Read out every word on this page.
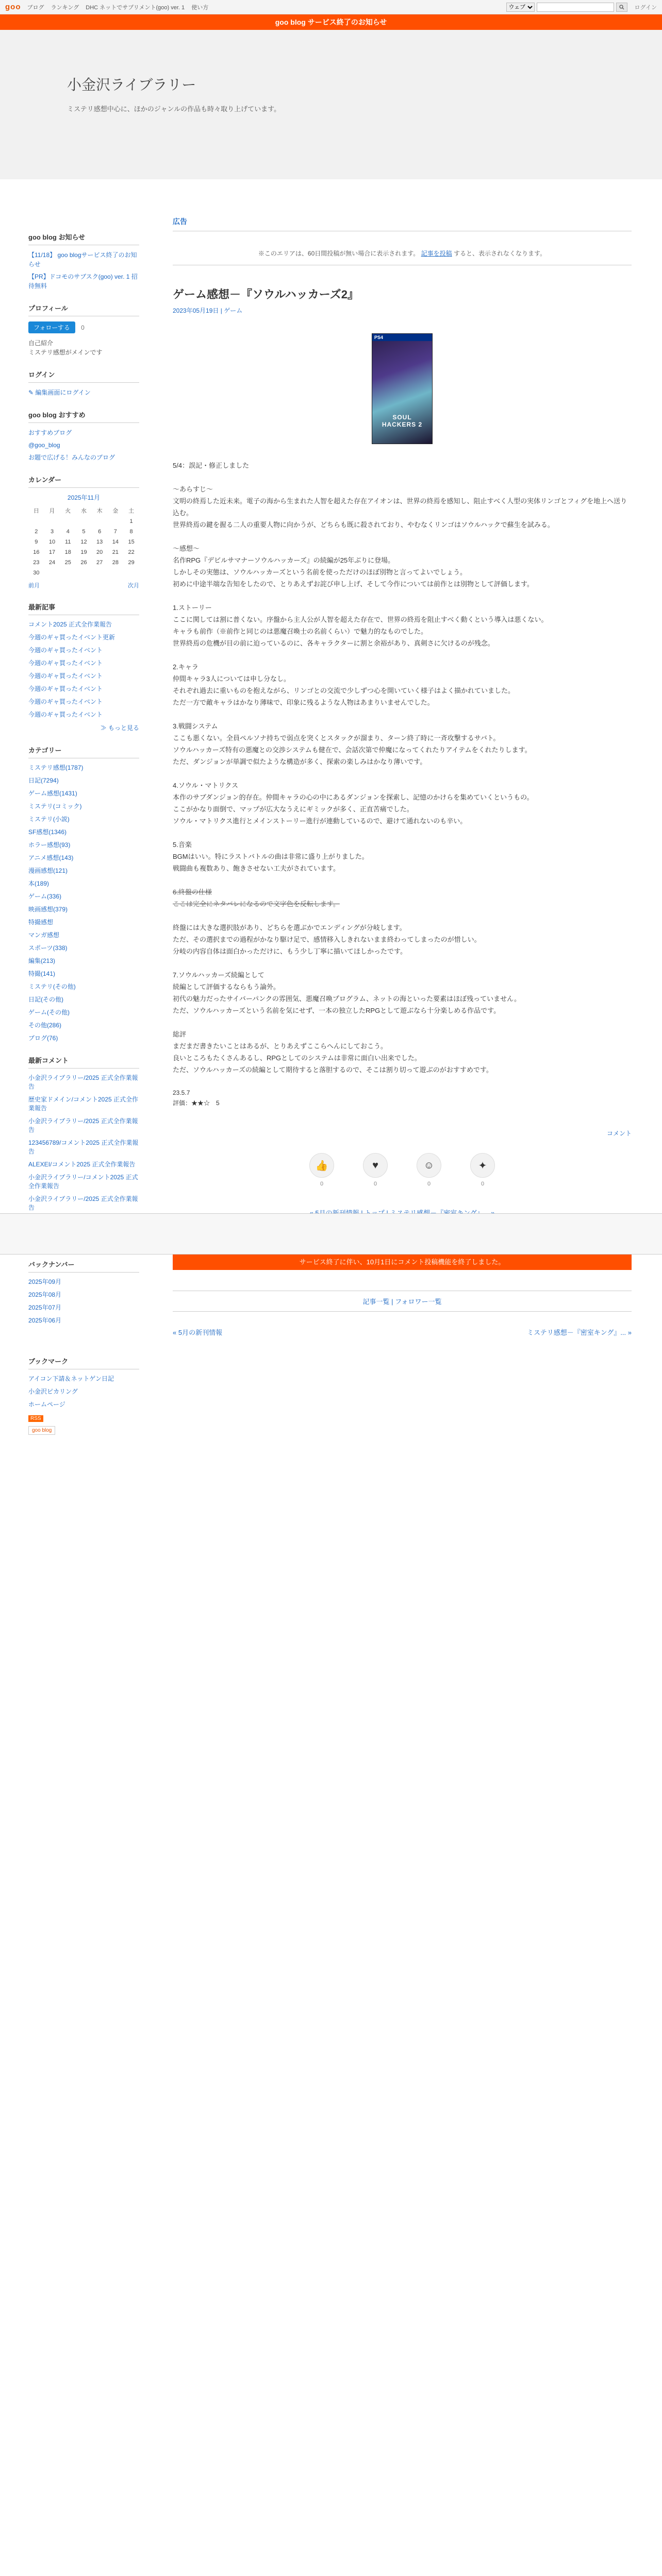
goo ブログ ランキング DHC ネットでサプリメント(goo) ver. 1 使い方
ウェブ	ログイン
goo blog サービス終了のお知らせ
小金沢ライブラリー

ミステリ感想中心に、ほかのジャンルの作品も時々取り上げています。

goo blog お知らせ
【11/18】 goo blogサービス終了のお知らせ
【PR】ドコモのサブスク(goo) ver. 1 招待無料
プロフィール
フォローする 0
自己紹介
ミステリ感想がメインです
ログイン
✎ 編集画面にログイン
goo blog おすすめ
おすすめブログ
@goo_blog
お題で広げる！みんなのブログ
カレンダー
2025年11月
日	月	火	水	木	金	土
						1
2	3	4	5	6	7	8
9	10	11	12	13	14	15
16	17	18	19	20	21	22
23	24	25	26	27	28	29
30						
前月	次月
最新記事
コメント2025 正式全作業報告
今週のギャ買ったイベント更新
今週のギャ買ったイベント
今週のギャ買ったイベント
今週のギャ買ったイベント
今週のギャ買ったイベント
今週のギャ買ったイベント
今週のギャ買ったイベント
≫ もっと見る
カテゴリー
ミステリ感想(1787)
日記(7294)
ゲーム感想(1431)
ミステリ(コミック)
ミステリ(小説)
SF感想(1346)
ホラー感想(93)
アニメ感想(143)
漫画感想(121)
本(189)
ゲーム(336)
映画感想(379)
特撮感想
マンガ感想
スポーツ(338)
編集(213)
特撮(141)
ミステリ(その他)
日記(その他)
ゲーム(その他)
その他(286)
ブログ(76)
最新コメント
小金沢ライブラリー/2025 正式全作業報告
歴史家ドメイン/コメント2025 正式全作業報告
小金沢ライブラリー/2025 正式全作業報告
123456789/コメント2025 正式全作業報告
ALEXEI/コメント2025 正式全作業報告
小金沢ライブラリー/コメント2025 正式全作業報告
小金沢ライブラリー/2025 正式全作業報告
バックナンバー
2025年09月
2025年08月
2025年07月
2025年06月
ブックマーク
アイコン下請＆ネットゲン日記
小金沢ピカリング
ホームページ
RSS
goo blog
広告
※このエリアは、60日間投稿が無い場合に表示されます。 記事を投稿 すると、表示されなくなります。
ゲーム感想－『ソウルハッカーズ2』
2023年05月19日 | ゲーム
PS4
SOUL HACKERS 2

5/4：誤記・修正しました

～あらすじ～
文明の終焉した近未来。電子の海から生まれた人智を超えた存在アイオンは、世界の終焉を感知し、阻止すべく人型の実体リンゴとフィグを地上へ送り込む。
世界終焉の鍵を握る二人の重要人物に向かうが、どちらも既に殺されており、やむなくリンゴはソウルハックで蘇生を試みる。

～感想～
名作RPG『デビルサマナーソウルハッカーズ』の続編が25年ぶりに登場。
しかしその実態は、ソウルハッカーズという名前を使っただけのほぼ別物と言ってよいでしょう。
初めに中途半端な告知をしたので、とりあえずお詫び申し上げ、そして今作については前作とは別物として評価します。

1.ストーリー
ここに関しては割に普くない。序盤から主人公が人智を超えた存在で、世界の終焉を阻止すべく動くという導入は悪くない。
キャラも前作（※前作と同じのは悪魔召喚士の名前くらい）で魅力的なものでした。
世界終焉の危機が目の前に迫っているのに、各キャラクターに割と余裕があり、真剣さに欠けるのが残念。

2.キャラ
仲間キャラ3人については申し分なし。
それぞれ過去に重いものを抱えながら、リンゴとの交流で少しずつ心を開いていく様子はよく描かれていました。
ただ一方で敵キャラはかなり薄味で、印象に残るような人物はあまりいませんでした。

3.戦闘システム
ここも悪くない。全員ペルソナ持ちで弱点を突くとスタックが溜まり、ターン終了時に一斉攻撃するサバト。
ソウルハッカーズ特有の悪魔との交渉システムも健在で、会話次第で仲魔になってくれたりアイテムをくれたりします。
ただ、ダンジョンが単調で似たような構造が多く、探索の楽しみはかなり薄いです。

4.ソウル・マトリクス
本作のサブダンジョン的存在。仲間キャラの心の中にあるダンジョンを探索し、記憶のかけらを集めていくというもの。
ここがかなり面倒で、マップが広大なうえにギミックが多く、正直苦痛でした。
ソウル・マトリクス進行とメインストーリー進行が連動しているので、避けて通れないのも辛い。

5.音楽
BGMはいい。特にラストバトルの曲は非常に盛り上がりました。
戦闘曲も複数あり、飽きさせない工夫がされています。

6.終盤の仕様
ここは完全にネタバレになるので文字色を反転します。

終盤には大きな選択肢があり、どちらを選ぶかでエンディングが分岐します。
ただ、その選択までの過程がかなり駆け足で、感情移入しきれないまま終わってしまったのが惜しい。
分岐の内容自体は面白かっただけに、もう少し丁寧に描いてほしかったです。

7.ソウルハッカーズ続編として
続編として評価するならもう論外。
初代の魅力だったサイバーパンクの雰囲気、悪魔召喚プログラム、ネットの海といった要素はほぼ残っていません。
ただ、ソウルハッカーズという名前を気にせず、一本の独立したRPGとして遊ぶなら十分楽しめる作品です。

総評
まだまだ書きたいことはあるが、とりあえずここらへんにしておこう。
良いところもたくさんあるし、RPGとしてのシステムは非常に面白い出来でした。
ただ、ソウルハッカーズの続編として期待すると落胆するので、そこは割り切って遊ぶのがおすすめです。

23.5.7
評価：★★☆　5
コメント
👍
0
♥
0
☺
0
✦
0
サービス終了に伴い、10月1日にコメント投稿機能を終了しました。
記事一覧 | フォロワー一覧
« 5月の新刊情報	ミステリ感想－『密室キング』... »
